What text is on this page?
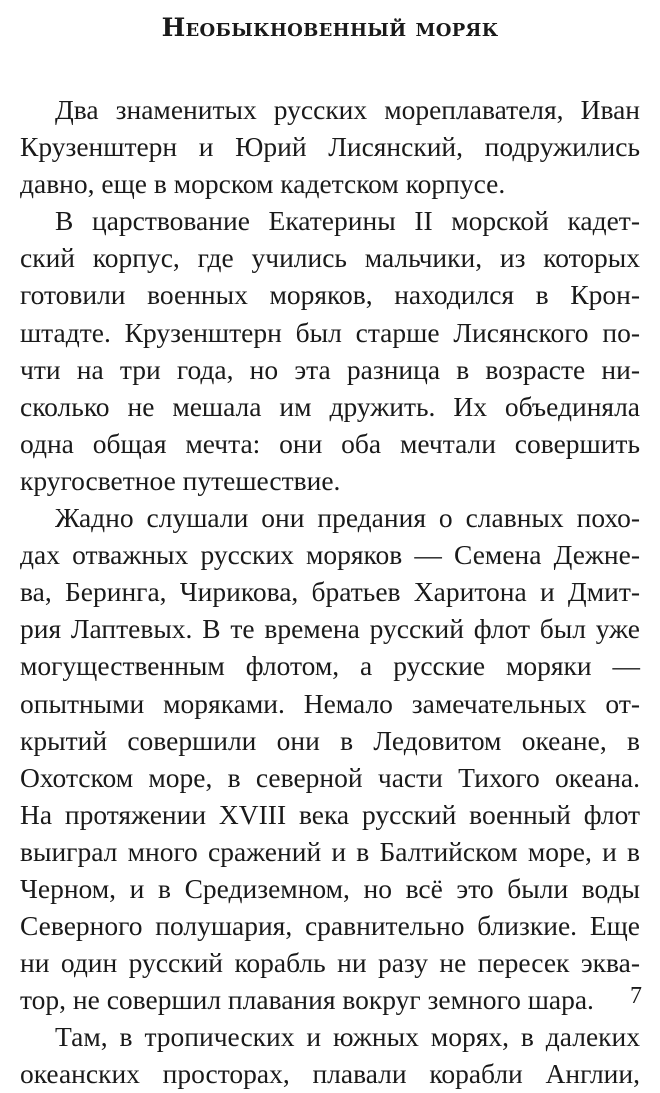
Необыкновенный моряк

Два знаменитых русских мореплавателя, Иван
Крузенштерн и Юрий Лисянский, подружились
давно, еще в морском кадетском корпусе.

В царствование Екатерины II морской кадет-
ский корпус, где учились мальчики, из которых
готовили военных моряков, находился в Крон-
штадте. Крузенштерн был старше Лисянского по-
чти на три года, но эта разница в возрасте ни-
сколько не мешала им дружить. Их объединяла
одна общая мечта: они оба мечтали совершить
кругосветное путешествие.

Жадно слушали они предания о славных похо-
дах отважных русских моряков — Семена Дежне-
ва, Беринга, Чирикова, братьев Харитона и Дмит-
рия Лаптевых. В те времена русский флот был уже
могущественным флотом, а русские моряки —
опытными моряками. Немало замечательных от-
крытий совершили они в Ледовитом океане, в
Охотском море, в северной части Тихого океана.
На протяжении XVIII века русский военный флот
выиграл много сражений и в Балтийском море, и в
Черном, и в Средиземном, но всё это были воды
Северного полушария, сравнительно близкие. Еще
ни один русский корабль ни разу не пересек эква-
тор, не совершил плавания вокруг земного шара.

Там, в тропических и южных морях, в далеких
океанских просторах, плавали корабли Англии,

7
